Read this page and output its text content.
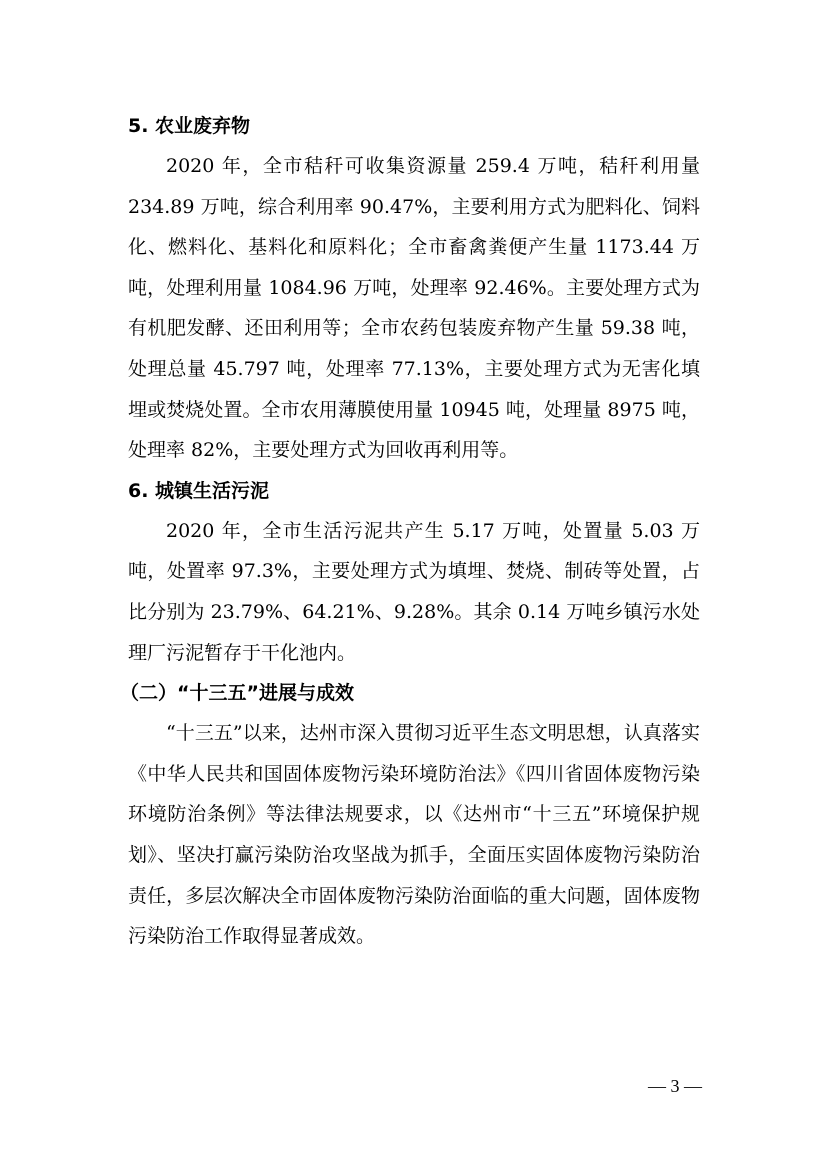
5. 农业废弃物

2020 年，全市秸秆可收集资源量 259.4 万吨，秸秆利用量 234.89 万吨，综合利用率 90.47%，主要利用方式为肥料化、饲料化、燃料化、基料化和原料化；全市畜禽粪便产生量 1173.44 万吨，处理利用量 1084.96 万吨，处理率 92.46%。主要处理方式为有机肥发酵、还田利用等；全市农药包装废弃物产生量 59.38 吨，处理总量 45.797 吨，处理率 77.13%，主要处理方式为无害化填埋或焚烧处置。全市农用薄膜使用量 10945 吨，处理量 8975 吨，处理率 82%，主要处理方式为回收再利用等。

6. 城镇生活污泥

2020 年，全市生活污泥共产生 5.17 万吨，处置量 5.03 万吨，处置率 97.3%，主要处理方式为填埋、焚烧、制砖等处置，占比分别为 23.79%、64.21%、9.28%。其余 0.14 万吨乡镇污水处理厂污泥暂存于干化池内。

（二）“十三五”进展与成效

“十三五”以来，达州市深入贯彻习近平生态文明思想，认真落实《中华人民共和国固体废物污染环境防治法》《四川省固体废物污染环境防治条例》等法律法规要求，以《达州市“十三五”环境保护规划》、坚决打赢污染防治攻坚战为抓手，全面压实固体废物污染防治责任，多层次解决全市固体废物污染防治面临的重大问题，固体废物污染防治工作取得显著成效。

— 3 —
